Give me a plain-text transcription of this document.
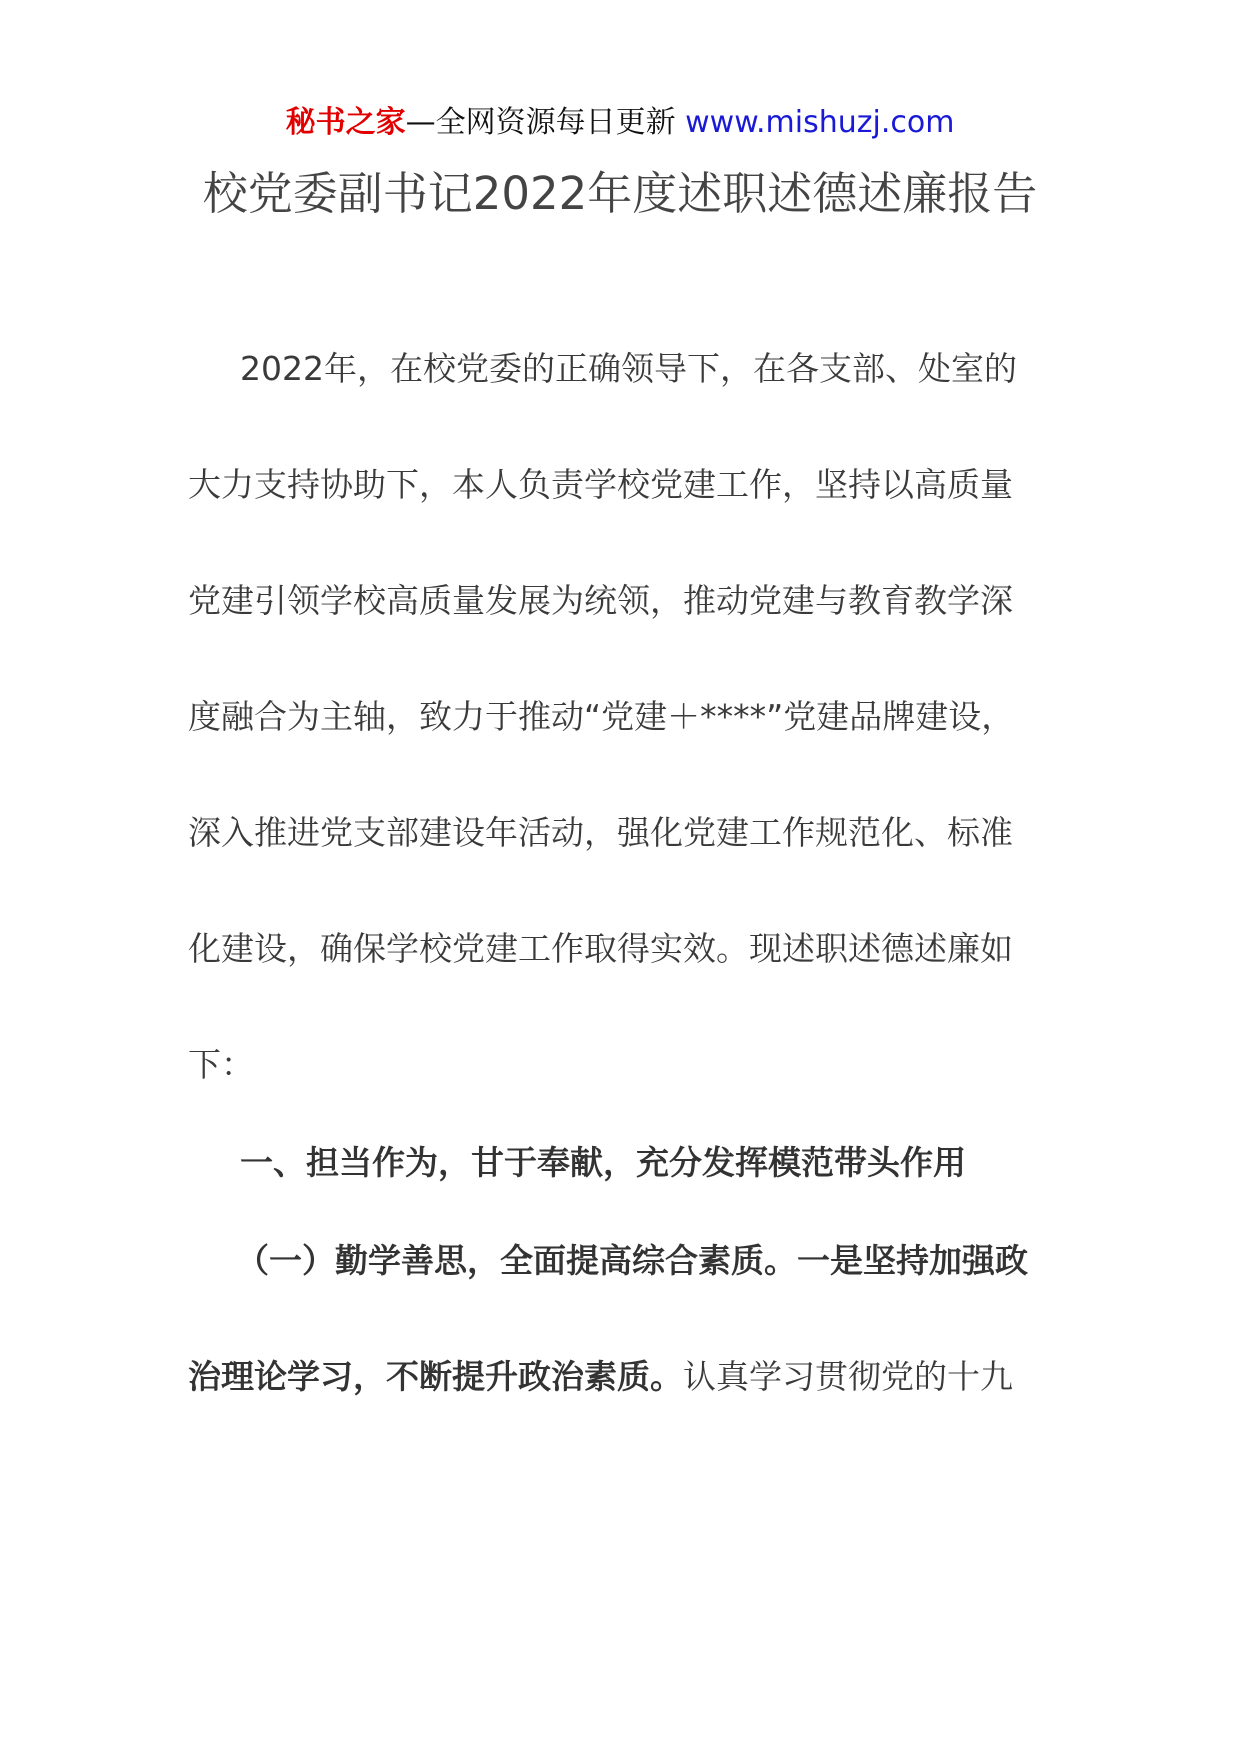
秘书之家—全网资源每日更新 www.mishuzj.com
校党委副书记2022年度述职述德述廉报告
2022年，在校党委的正确领导下，在各支部、处室的
大力支持协助下，本人负责学校党建工作，坚持以高质量
党建引领学校高质量发展为统领，推动党建与教育教学深
度融合为主轴，致力于推动“党建＋****”党建品牌建设，
深入推进党支部建设年活动，强化党建工作规范化、标准
化建设，确保学校党建工作取得实效。现述职述德述廉如
下：
一、担当作为，甘于奉献，充分发挥模范带头作用
（一）勤学善思，全面提高综合素质。一是坚持加强政
治理论学习，不断提升政治素质。认真学习贯彻党的十九
